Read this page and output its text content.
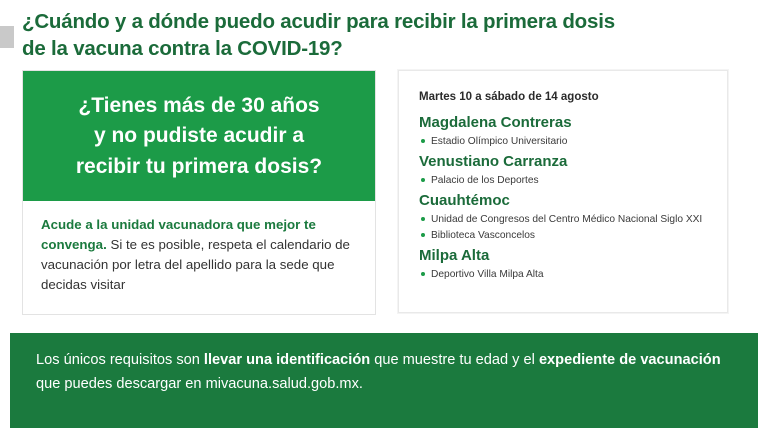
¿Cuándo y a dónde puedo acudir para recibir la primera dosis
de la vacuna contra la COVID-19?
¿Tienes más de 30 años
y no pudiste acudir a
recibir tu primera dosis?
Acude a la unidad vacunadora que mejor te convenga. Si te es posible, respeta el calendario de vacunación por letra del apellido para la sede que decidas visitar
Martes 10 a sábado de 14 agosto
Magdalena Contreras
Estadio Olímpico Universitario
Venustiano Carranza
Palacio de los Deportes
Cuauhtémoc
Unidad de Congresos del Centro Médico Nacional Siglo XXI
Biblioteca Vasconcelos
Milpa Alta
Deportivo Villa Milpa Alta
Los únicos requisitos son llevar una identificación que muestre tu edad y el expediente de vacunación que puedes descargar en mivacuna.salud.gob.mx.
